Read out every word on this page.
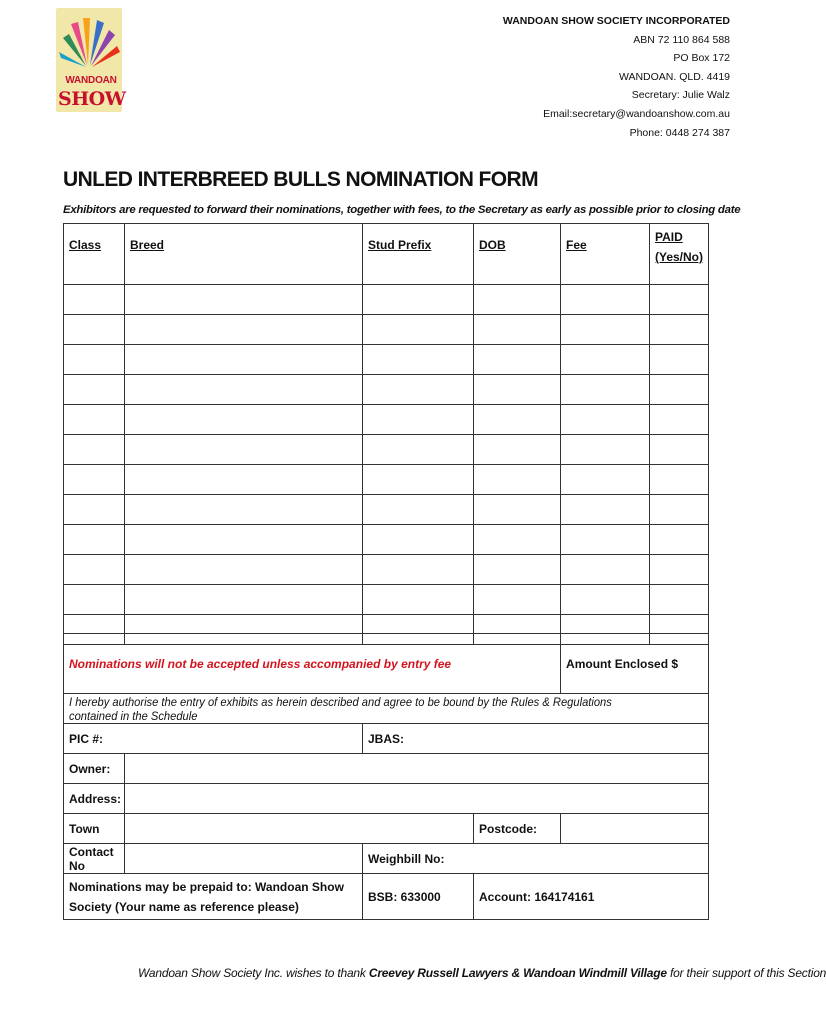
WANDOAN
SHOW
WANDOAN SHOW SOCIETY INCORPORATED
ABN 72 110 864 588
PO Box 172
WANDOAN. QLD. 4419
Secretary: Julie Walz
Email:secretary@wandoanshow.com.au
Phone: 0448 274 387
UNLED INTERBREED BULLS NOMINATION FORM
Exhibitors are requested to forward their nominations, together with fees, to the Secretary as early as possible prior to closing date
Class	Breed	Stud Prefix	DOB	Fee	PAID
(Yes/No)

Nominations will not be accepted unless accompanied by entry fee				Amount Enclosed $
I hereby authorise the entry of exhibits as herein described and agree to be bound by the Rules & Regulations contained in the Schedule				
PIC #:		JBAS:		
Owner:				
Address:				
Town			Postcode:	
Contact No		Weighbill No:		
Nominations may be prepaid to: Wandoan Show Society (Your name as reference please)		BSB: 633000	Account: 164174161	
Wandoan Show Society Inc. wishes to thank Creevey Russell Lawyers & Wandoan Windmill Village for their support of this Section
